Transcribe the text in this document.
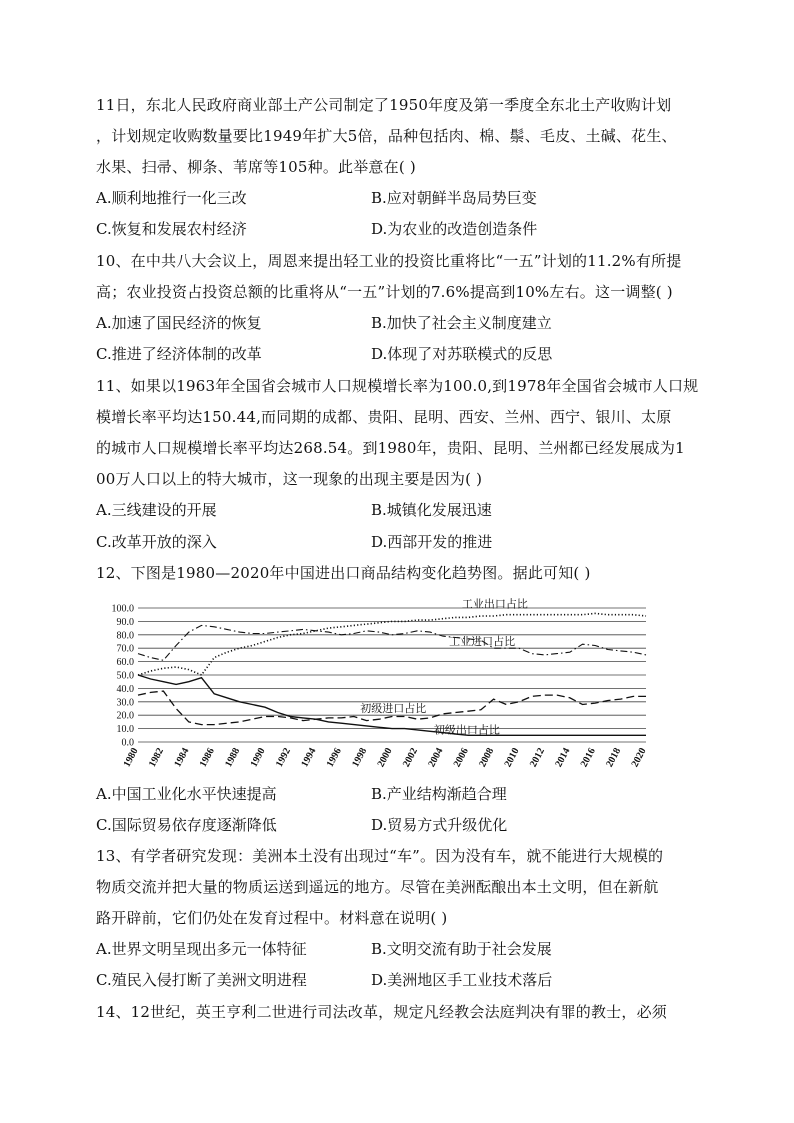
11日，东北人民政府商业部土产公司制定了1950年度及第一季度全东北土产收购计划
，计划规定收购数量要比1949年扩大5倍，品种包括肉、棉、鬃、毛皮、土碱、花生、
水果、扫帚、柳条、苇席等105种。此举意在( )
A.顺利地推行一化三改	B.应对朝鲜半岛局势巨变
C.恢复和发展农村经济	D.为农业的改造创造条件
10、在中共八大会议上，周恩来提出轻工业的投资比重将比“一五”计划的11.2%有所提
高；农业投资占投资总额的比重将从“一五”计划的7.6%提高到10%左右。这一调整( )
A.加速了国民经济的恢复	B.加快了社会主义制度建立
C.推进了经济体制的改革	D.体现了对苏联模式的反思
11、如果以1963年全国省会城市人口规模增长率为100.0,到1978年全国省会城市人口规
模增长率平均达150.44,而同期的成都、贵阳、昆明、西安、兰州、西宁、银川、太原
的城市人口规模增长率平均达268.54。到1980年，贵阳、昆明、兰州都已经发展成为1
00万人口以上的特大城市，这一现象的出现主要是因为( )
A.三线建设的开展	B.城镇化发展迅速
C.改革开放的深入	D.西部开发的推进
12、下图是1980—2020年中国进出口商品结构变化趋势图。据此可知( )
100.0
90.0
80.0
70.0
60.0
50.0
40.0
30.0
20.0
10.0
0.0
1980 1982 1984 1986 1988 1990 1992 1994 1996 1998 2000 2002 2004 2006 2008 2010 2012 2014 2016 2018 2020
工业出口占比
工业进口占比
初级进口占比
初级出口占比
A.中国工业化水平快速提高	B.产业结构渐趋合理
C.国际贸易依存度逐渐降低	D.贸易方式升级优化
13、有学者研究发现：美洲本土没有出现过“车”。因为没有车，就不能进行大规模的
物质交流并把大量的物质运送到遥远的地方。尽管在美洲酝酿出本土文明，但在新航
路开辟前，它们仍处在发育过程中。材料意在说明( )
A.世界文明呈现出多元一体特征	B.文明交流有助于社会发展
C.殖民入侵打断了美洲文明进程	D.美洲地区手工业技术落后
14、12世纪，英王亨利二世进行司法改革，规定凡经教会法庭判决有罪的教士，必须
